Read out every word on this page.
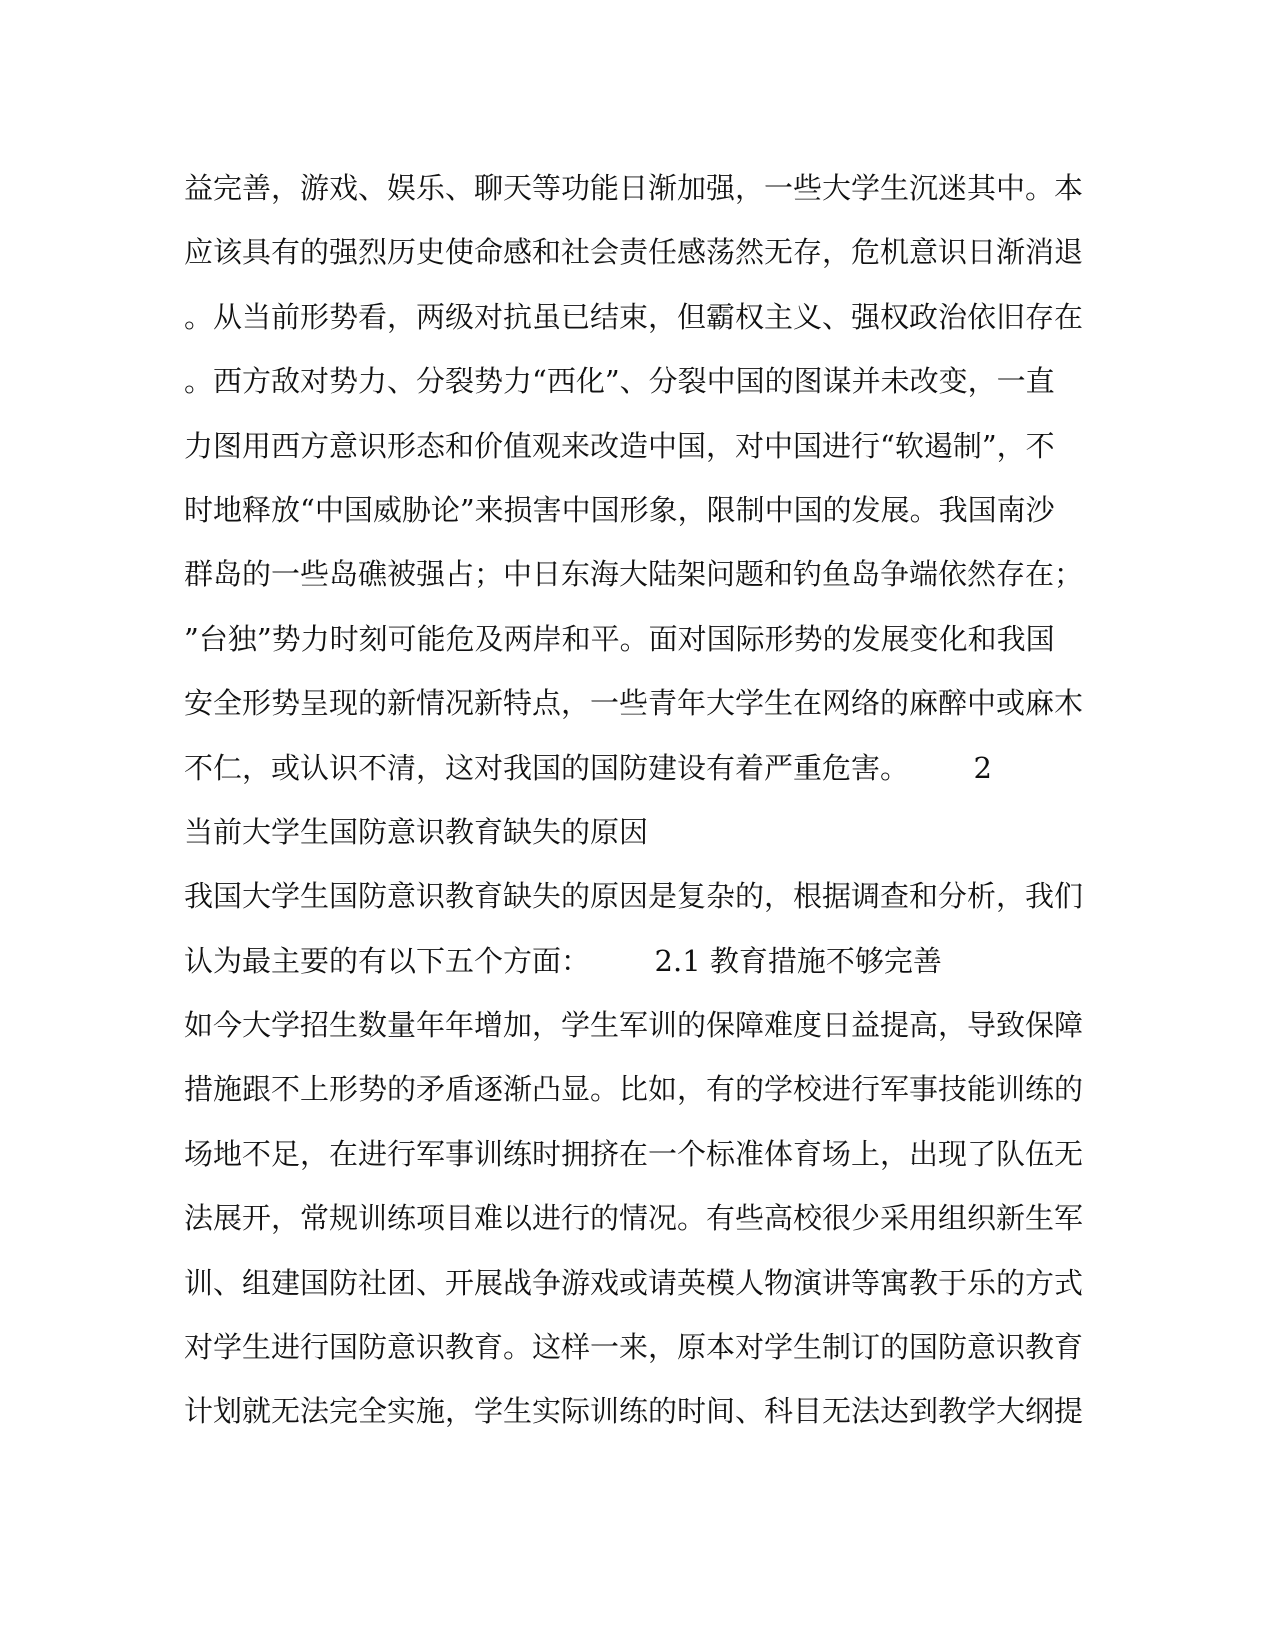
益完善，游戏、娱乐、聊天等功能日渐加强，一些大学生沉迷其中。本
应该具有的强烈历史使命感和社会责任感荡然无存，危机意识日渐消退
。从当前形势看，两级对抗虽已结束，但霸权主义、强权政治依旧存在
。西方敌对势力、分裂势力“西化”、分裂中国的图谋并未改变，一直
力图用西方意识形态和价值观来改造中国，对中国进行“软遏制”，不
时地释放“中国威胁论”来损害中国形象，限制中国的发展。我国南沙
群岛的一些岛礁被强占；中日东海大陆架问题和钓鱼岛争端依然存在；
”台独”势力时刻可能危及两岸和平。面对国际形势的发展变化和我国
安全形势呈现的新情况新特点，一些青年大学生在网络的麻醉中或麻木
不仁，或认识不清，这对我国的国防建设有着严重危害。       2
当前大学生国防意识教育缺失的原因
我国大学生国防意识教育缺失的原因是复杂的，根据调查和分析，我们
认为最主要的有以下五个方面：       2.1 教育措施不够完善
如今大学招生数量年年增加，学生军训的保障难度日益提高，导致保障
措施跟不上形势的矛盾逐渐凸显。比如，有的学校进行军事技能训练的
场地不足，在进行军事训练时拥挤在一个标准体育场上，出现了队伍无
法展开，常规训练项目难以进行的情况。有些高校很少采用组织新生军
训、组建国防社团、开展战争游戏或请英模人物演讲等寓教于乐的方式
对学生进行国防意识教育。这样一来，原本对学生制订的国防意识教育
计划就无法完全实施，学生实际训练的时间、科目无法达到教学大纲提
